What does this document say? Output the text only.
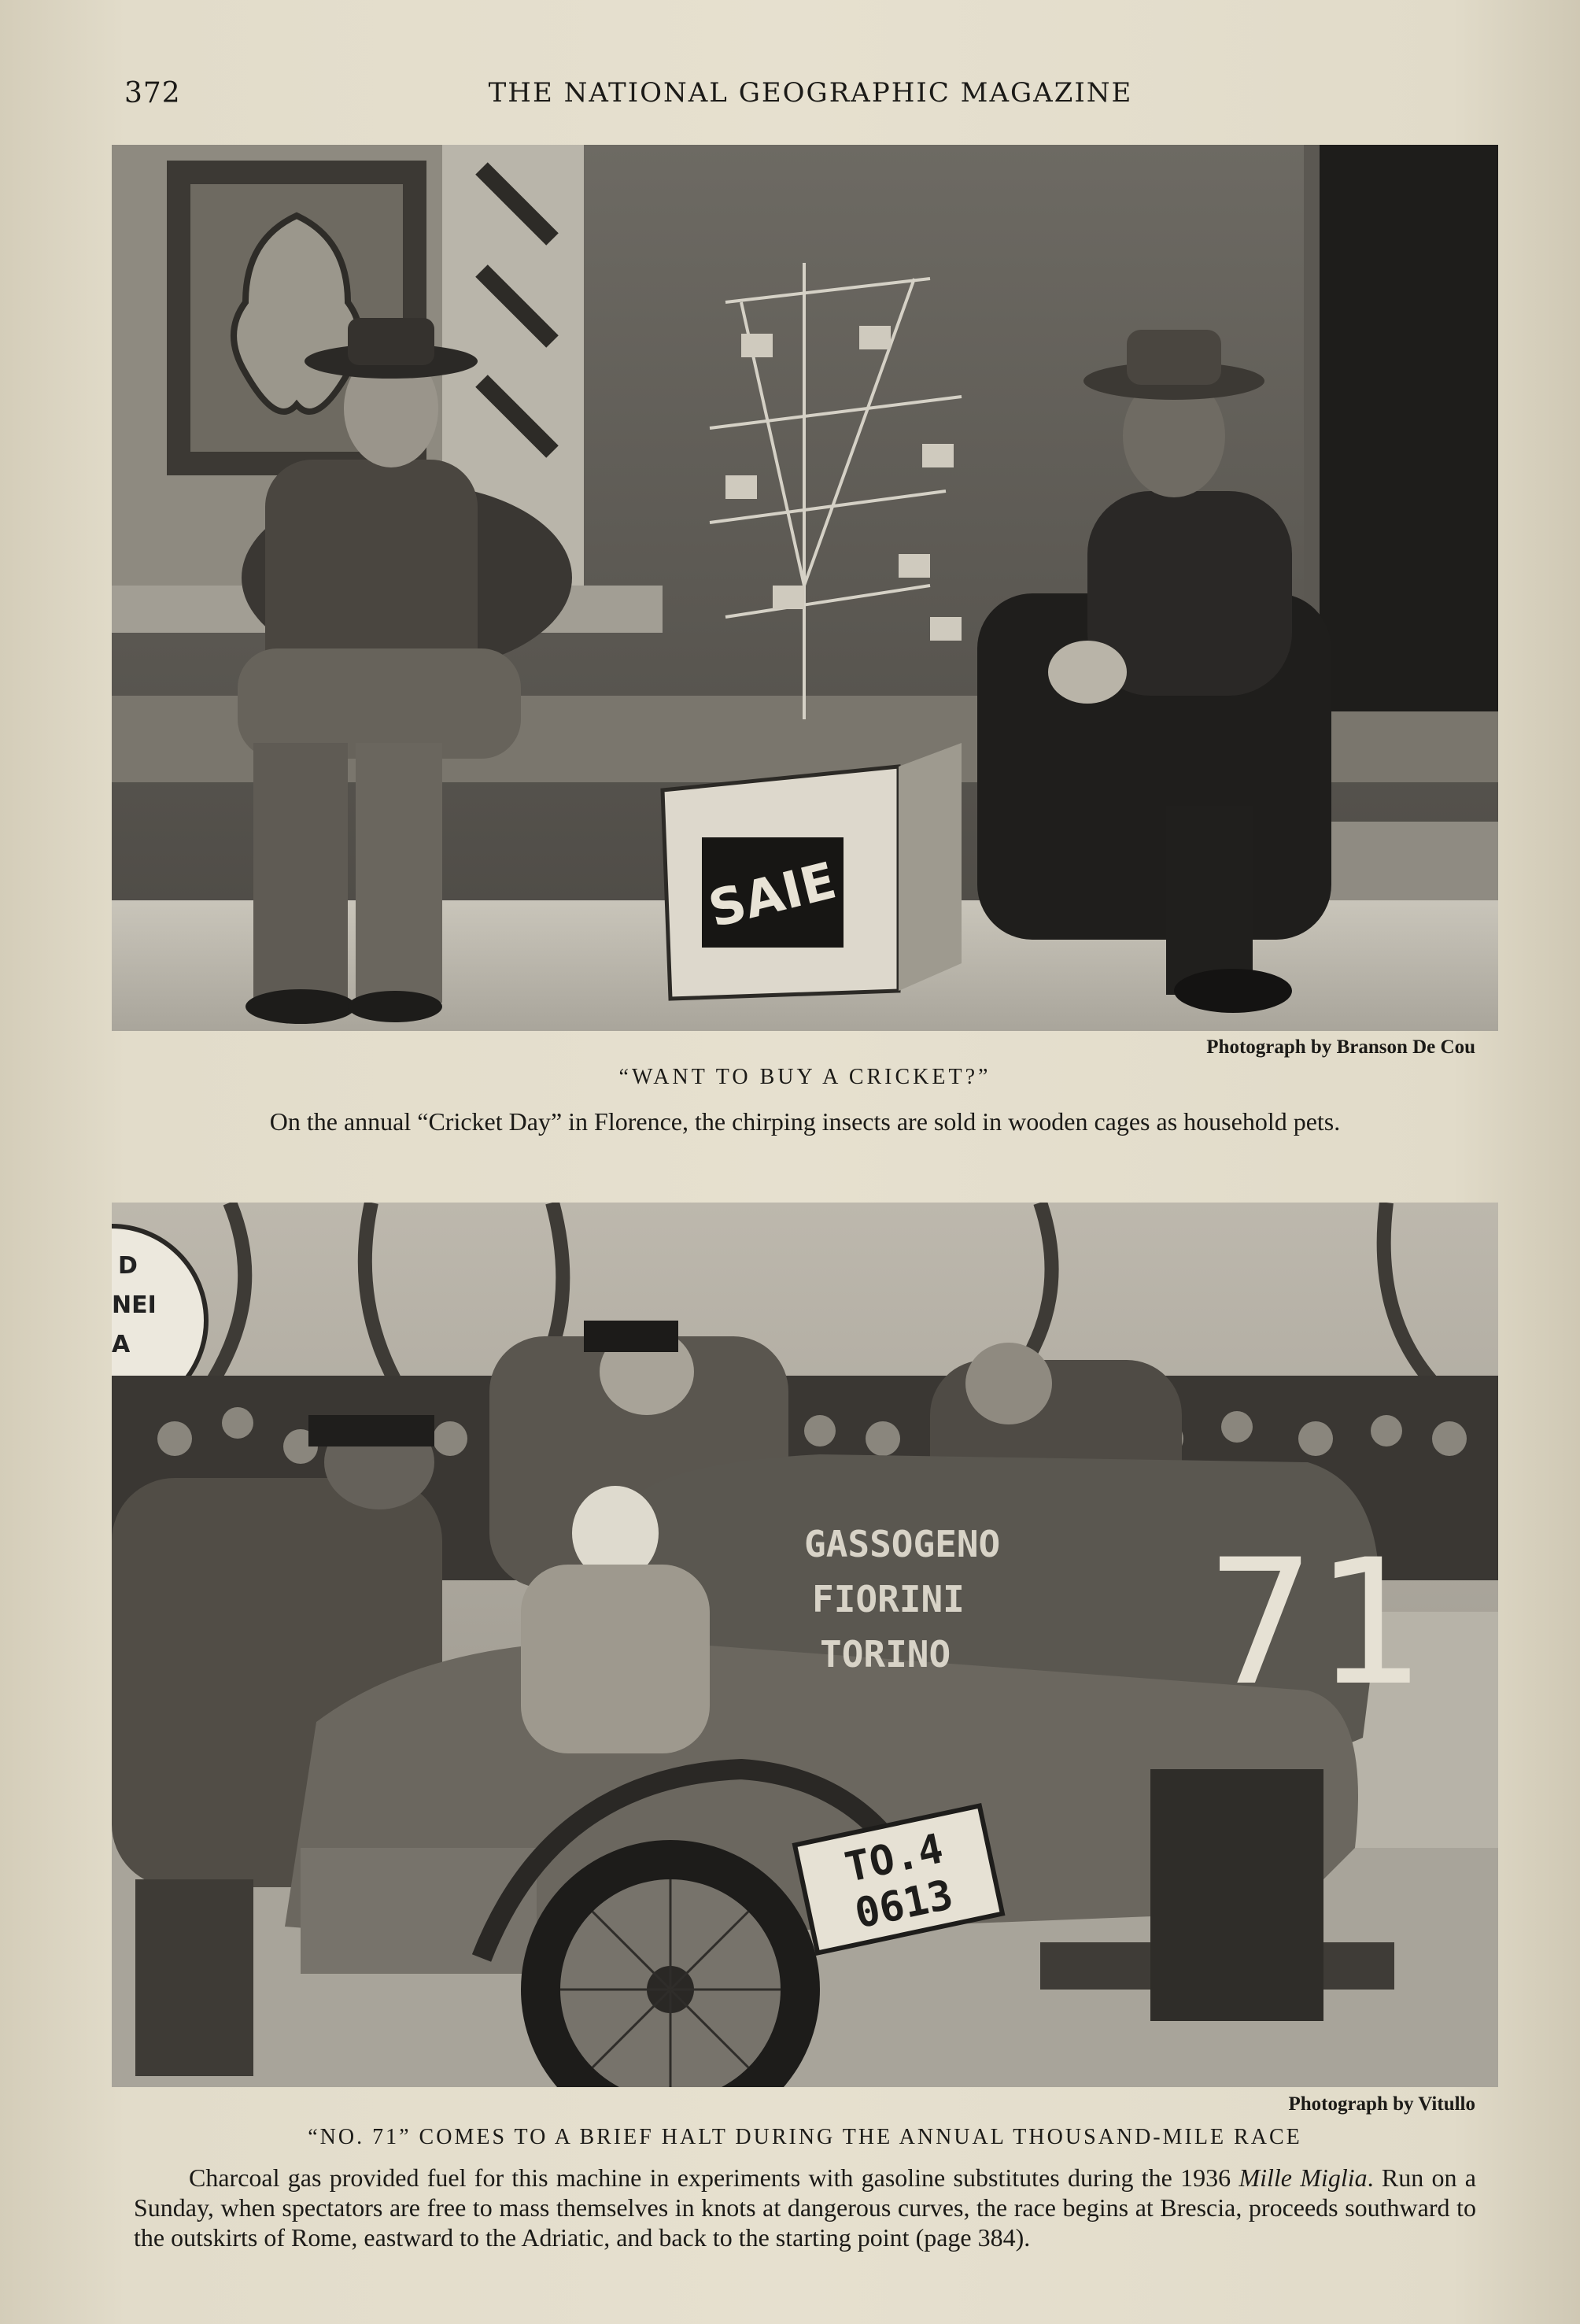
372	THE NATIONAL GEOGRAPHIC MAGAZINE
SAIE
Photograph by Branson De Cou
“WANT TO BUY A CRICKET?”
On the annual “Cricket Day” in Florence, the chirping insects are sold in wooden cages as household pets.
D
NEI
A
GASSOGENO
FIORINI
TORINO 71
TO.4
0613
Photograph by Vitullo
“NO. 71” COMES TO A BRIEF HALT DURING THE ANNUAL THOUSAND-MILE RACE
Charcoal gas provided fuel for this machine in experiments with gasoline substitutes during the 1936 Mille Miglia. Run on a Sunday, when spectators are free to mass themselves in knots at dangerous curves, the race begins at Brescia, proceeds southward to the outskirts of Rome, eastward to the Adriatic, and back to the starting point (page 384).
